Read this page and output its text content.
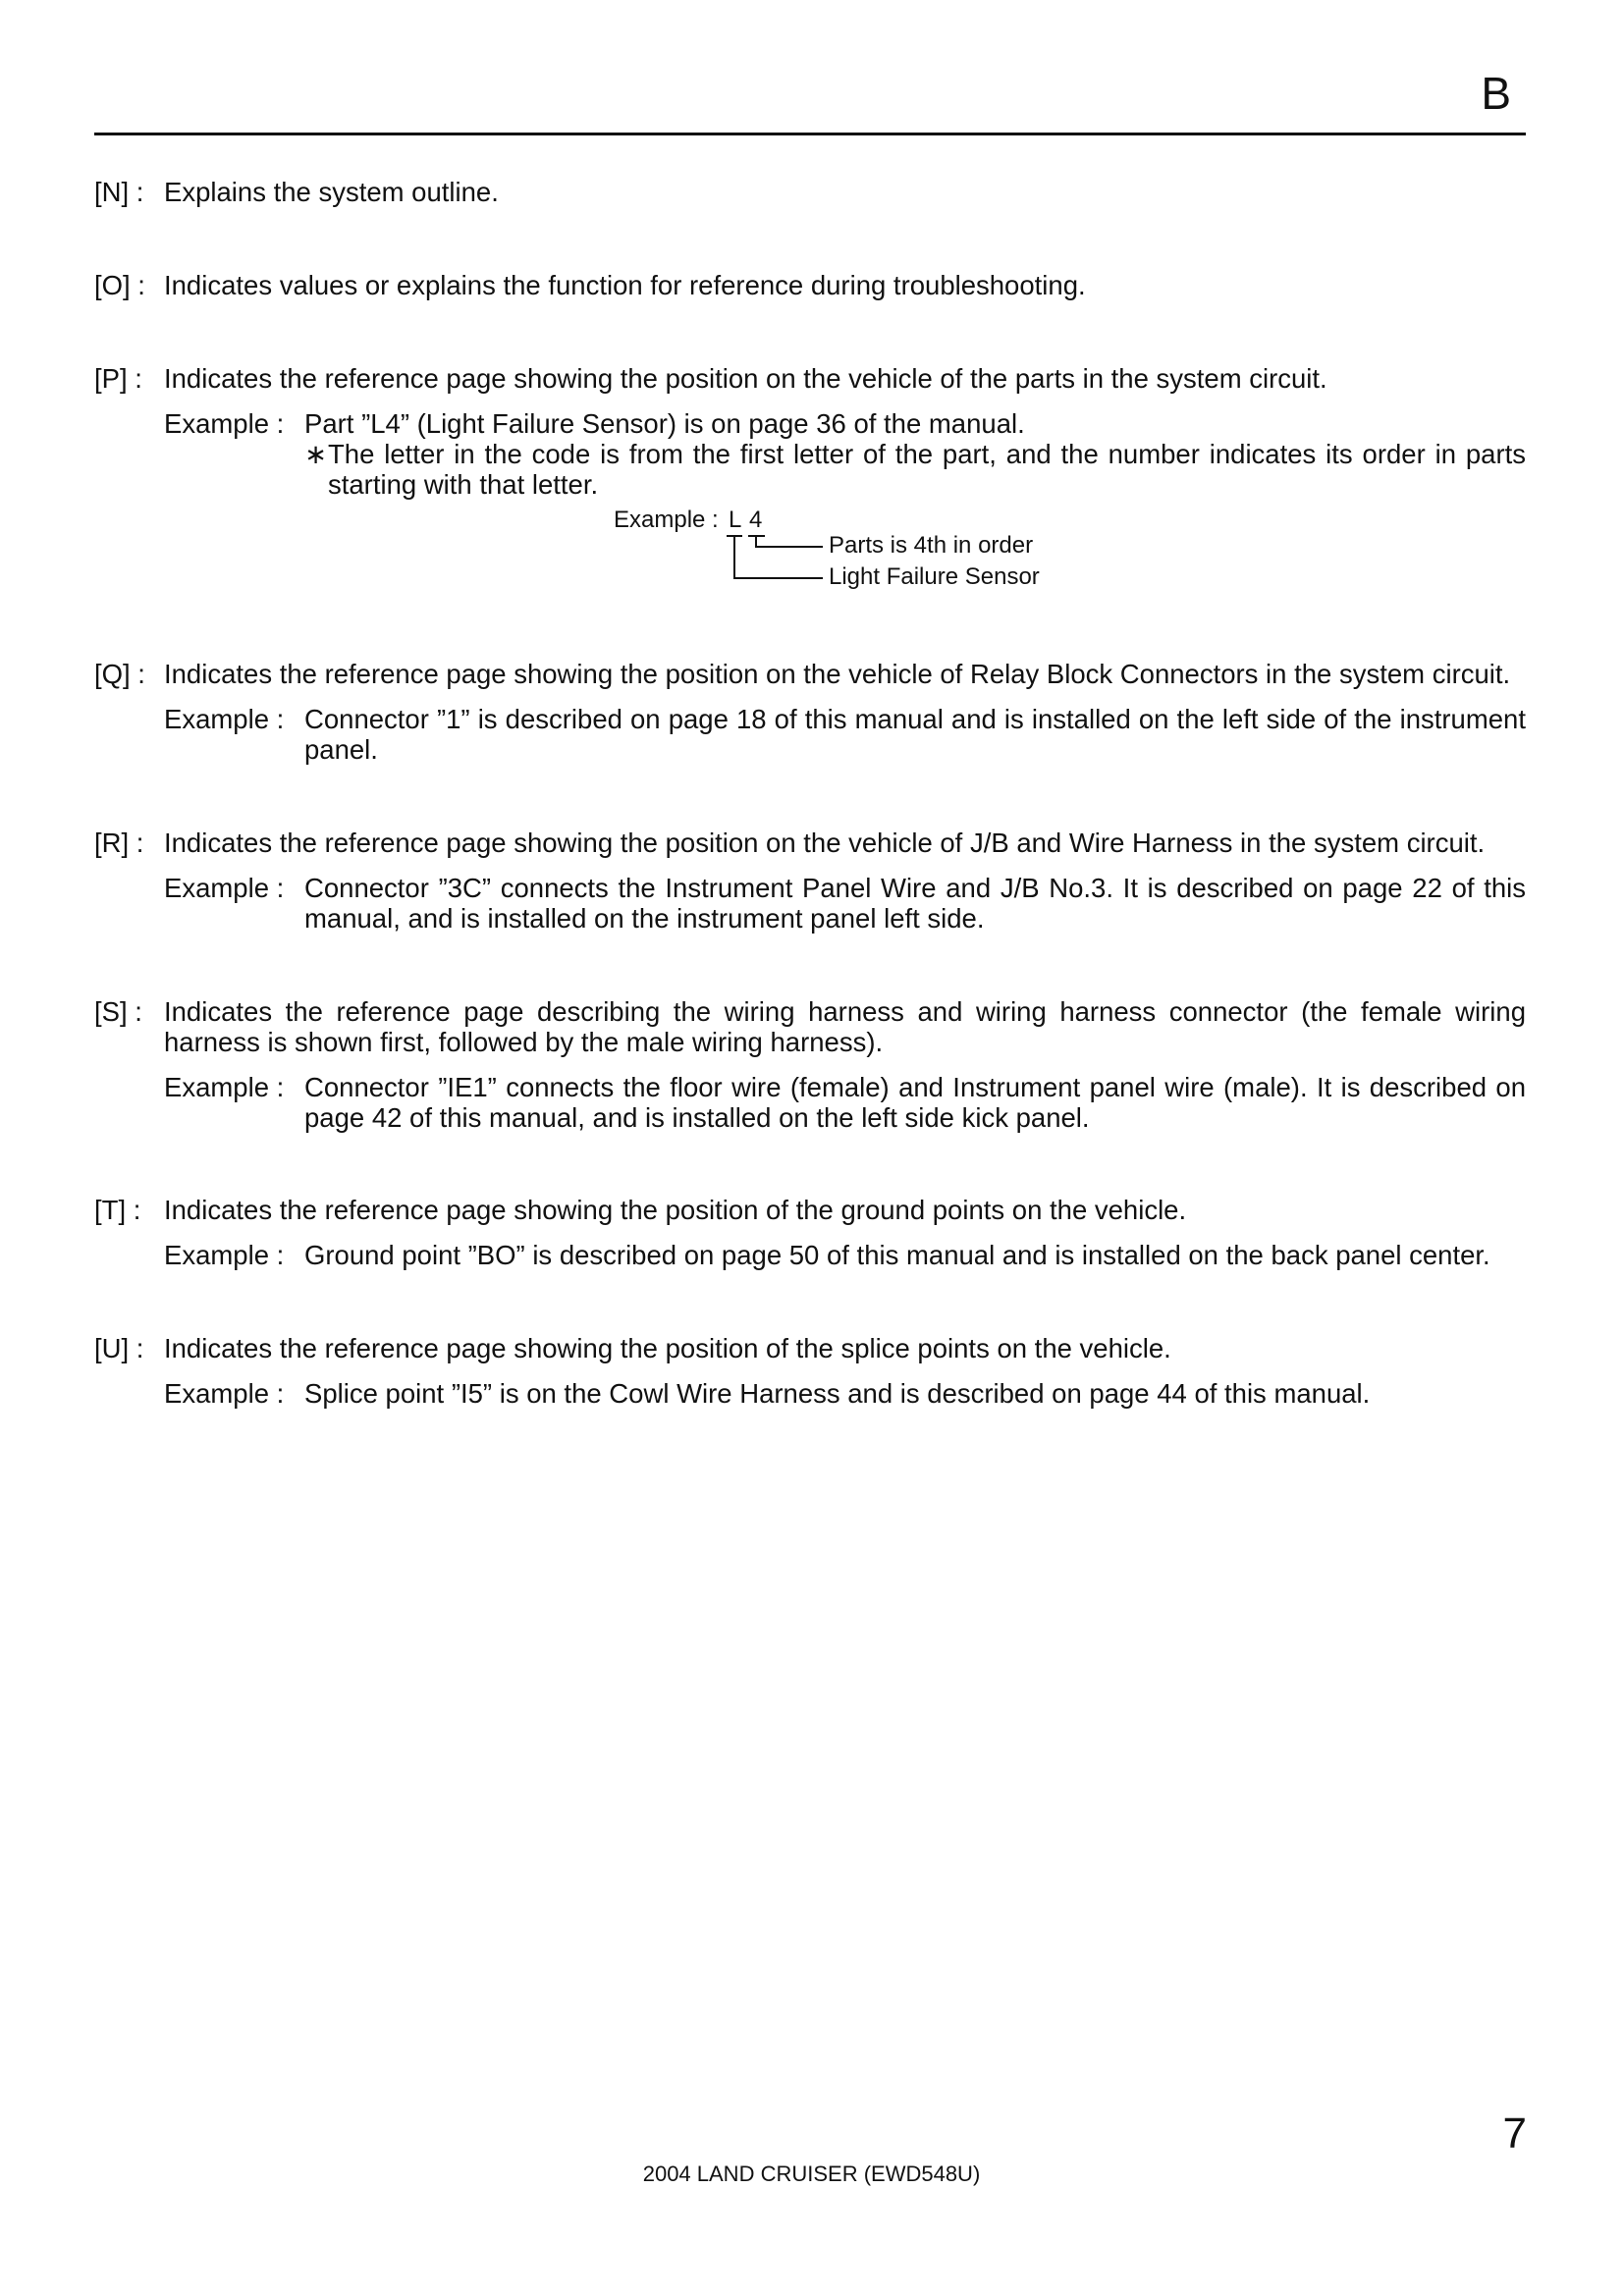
B
[N] : Explains the system outline.
[O] : Indicates values or explains the function for reference during troubleshooting.
[P] : Indicates the reference page showing the position on the vehicle of the parts in the system circuit.
Example : Part ”L4” (Light Failure Sensor) is on page 36 of the manual.
∗ The letter in the code is from the first letter of the part, and the number indicates its order in parts starting with that letter.
Example : L 4
Parts is 4th in order
Light Failure Sensor
[Q] : Indicates the reference page showing the position on the vehicle of Relay Block Connectors in the system circuit.
Example : Connector ”1” is described on page 18 of this manual and is installed on the left side of the instrument panel.
[R] : Indicates the reference page showing the position on the vehicle of J/B and Wire Harness in the system circuit.
Example : Connector ”3C” connects the Instrument Panel Wire and J/B No.3. It is described on page 22 of this manual, and is installed on the instrument panel left side.
[S] : Indicates the reference page describing the wiring harness and wiring harness connector (the female wiring harness is shown first, followed by the male wiring harness).
Example : Connector ”IE1” connects the floor wire (female) and Instrument panel wire (male). It is described on page 42 of this manual, and is installed on the left side kick panel.
[T] : Indicates the reference page showing the position of the ground points on the vehicle.
Example : Ground point ”BO” is described on page 50 of this manual and is installed on the back panel center.
[U] : Indicates the reference page showing the position of the splice points on the vehicle.
Example : Splice point ”I5” is on the Cowl Wire Harness and is described on page 44 of this manual.
7
2004 LAND CRUISER (EWD548U)
